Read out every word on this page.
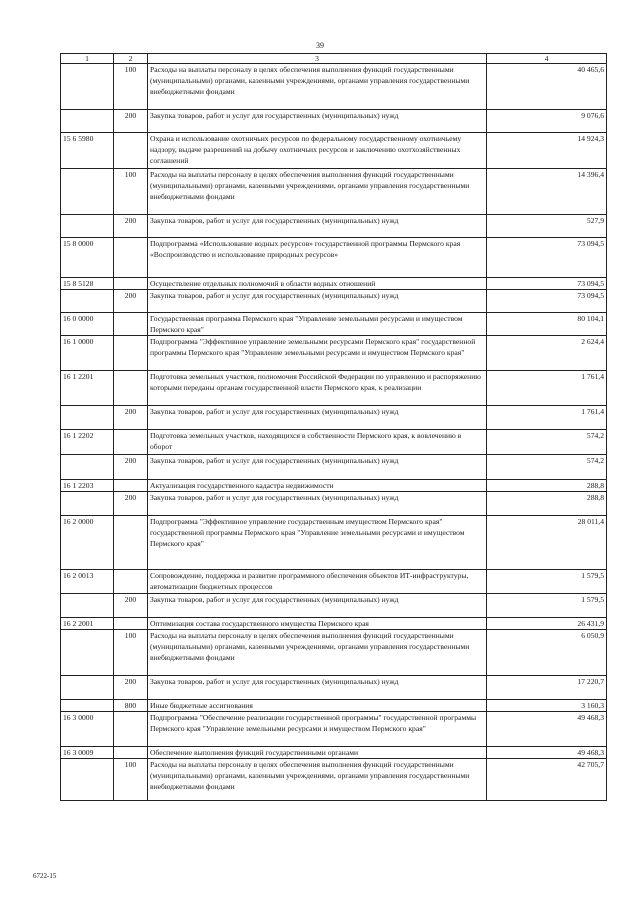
39
1	2	3	4
	100	Расходы на выплаты персоналу в целях обеспечения выполнения функций государственными (муниципальными) органами, казенными учреждениями, органами управления государственными внебюджетными фондами	40 465,6
	200	Закупка товаров, работ и услуг для государственных (муниципальных) нужд	9 076,6
15 6 5980		Охрана и использование охотничьих ресурсов по федеральному государственному охотничьему надзору, выдаче разрешений на добычу охотничьих ресурсов и заключению охотхозяйственных соглашений	14 924,3
	100	Расходы на выплаты персоналу в целях обеспечения выполнения функций государственными (муниципальными) органами, казенными учреждениями, органами управления государственными внебюджетными фондами	14 396,4
	200	Закупка товаров, работ и услуг для государственных (муниципальных) нужд	527,9
15 8 0000		Подпрограмма «Использование водных ресурсов» государственной программы Пермского края «Воспроизводство и использование природных ресурсов»	73 094,5
15 8 5128		Осуществление отдельных полномочий в области водных отношений	73 094,5
	200	Закупка товаров, работ и услуг для государственных (муниципальных) нужд	73 094,5
16 0 0000		Государственная программа Пермского края "Управление земельными ресурсами и имуществом Пермского края"	80 104,1
16 1 0000		Подпрограмма "Эффективное управление земельными ресурсами Пермского края" государственной программы Пермского края "Управление земельными ресурсами и имуществом Пермского края"	2 624,4
16 1 2201		Подготовка земельных участков, полномочия Российской Федерации по управлению и распоряжению которыми переданы органам государственной власти Пермского края, к реализации	1 761,4
	200	Закупка товаров, работ и услуг для государственных (муниципальных) нужд	1 761,4
16 1 2202		Подготовка земельных участков, находящихся в собственности Пермского края, к вовлечению в оборот	574,2
	200	Закупка товаров, работ и услуг для государственных (муниципальных) нужд	574,2
16 1 2203		Актуализация государственного кадастра недвижимости	288,8
	200	Закупка товаров, работ и услуг для государственных (муниципальных) нужд	288,8
16 2 0000		Подпрограмма "Эффективное управление государственным имуществом Пермского края" государственной программы Пермского края "Управление земельными ресурсами и имуществом Пермского края"	28 011,4
16 2 0013		Сопровождение, поддержка и развитие программного обеспечения объектов ИТ-инфраструктуры, автоматизации бюджетных процессов	1 579,5
	200	Закупка товаров, работ и услуг для государственных (муниципальных) нужд	1 579,5
16 2 2001		Оптимизация состава государственного имущества Пермского края	26 431,9
	100	Расходы на выплаты персоналу в целях обеспечения выполнения функций государственными (муниципальными) органами, казенными учреждениями, органами управления государственными внебюджетными фондами	6 050,9
	200	Закупка товаров, работ и услуг для государственных (муниципальных) нужд	17 220,7
	800	Иные бюджетные ассигнования	3 160,3
16 3 0000		Подпрограмма "Обеспечение реализации государственной программы" государственной программы Пермского края "Управление земельными ресурсами и имуществом Пермского края"	49 468,3
16 3 0009		Обеспечение выполнения функций государственными органами	49 468,3
	100	Расходы на выплаты персоналу в целях обеспечения выполнения функций государственными (муниципальными) органами, казенными учреждениями, органами управления государственными внебюджетными фондами	42 705,7
6722-15
